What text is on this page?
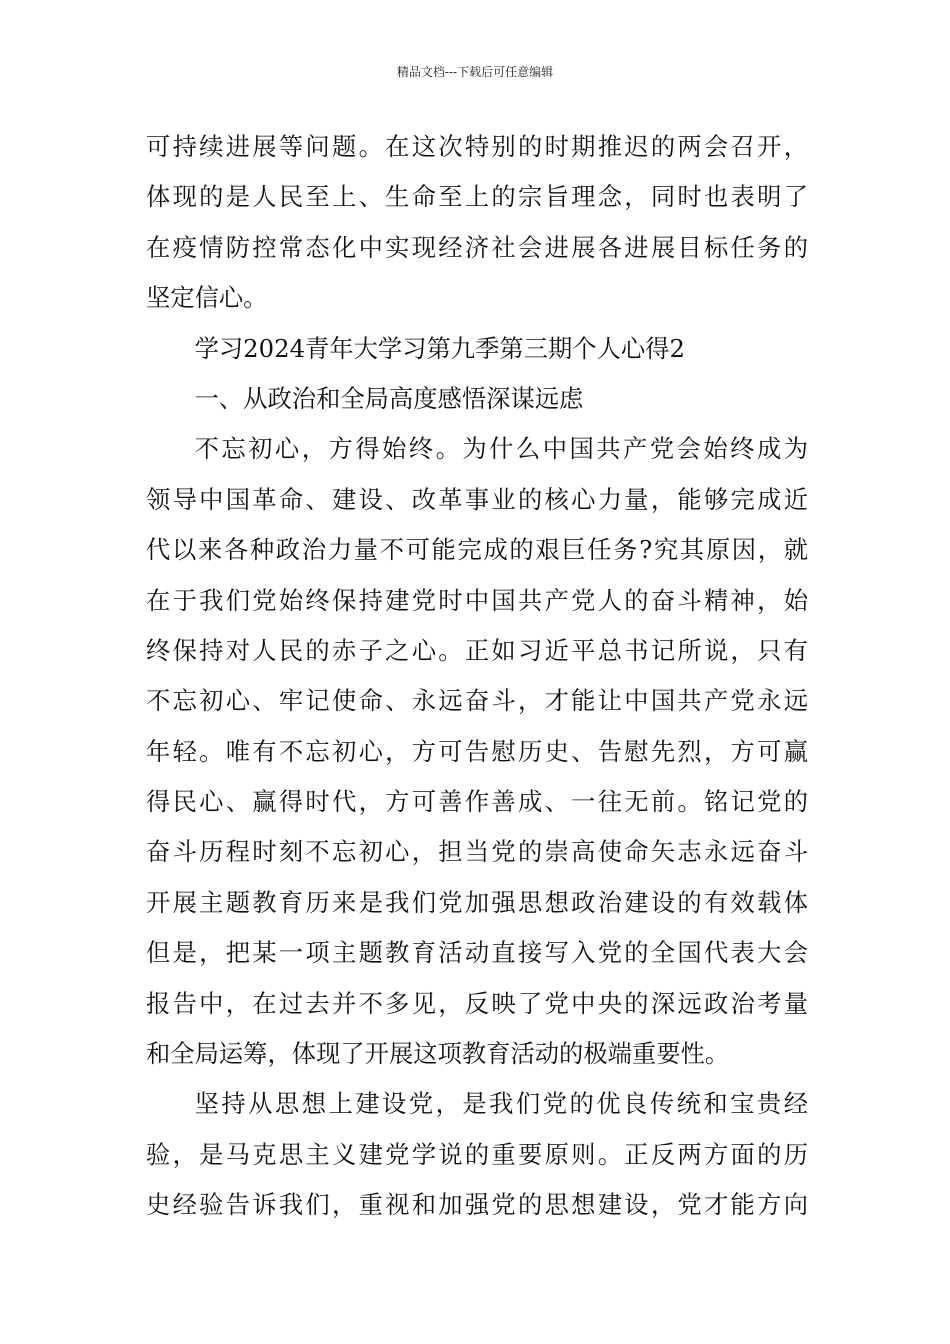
精品文档---下载后可任意编辑
可持续进展等问题。在这次特别的时期推迟的两会召开，
体现的是人民至上、生命至上的宗旨理念，同时也表明了
在疫情防控常态化中实现经济社会进展各进展目标任务的
坚定信心。
学习2024青年大学习第九季第三期个人心得2
一、从政治和全局高度感悟深谋远虑
不忘初心，方得始终。为什么中国共产党会始终成为
领导中国革命、建设、改革事业的核心力量，能够完成近
代以来各种政治力量不可能完成的艰巨任务?究其原因，就
在于我们党始终保持建党时中国共产党人的奋斗精神，始
终保持对人民的赤子之心。正如习近平总书记所说，只有
不忘初心、牢记使命、永远奋斗，才能让中国共产党永远
年轻。唯有不忘初心，方可告慰历史、告慰先烈，方可赢
得民心、赢得时代，方可善作善成、一往无前。铭记党的
奋斗历程时刻不忘初心，担当党的崇高使命矢志永远奋斗
开展主题教育历来是我们党加强思想政治建设的有效载体
但是，把某一项主题教育活动直接写入党的全国代表大会
报告中，在过去并不多见，反映了党中央的深远政治考量
和全局运筹，体现了开展这项教育活动的极端重要性。
坚持从思想上建设党，是我们党的优良传统和宝贵经
验，是马克思主义建党学说的重要原则。正反两方面的历
史经验告诉我们，重视和加强党的思想建设，党才能方向
